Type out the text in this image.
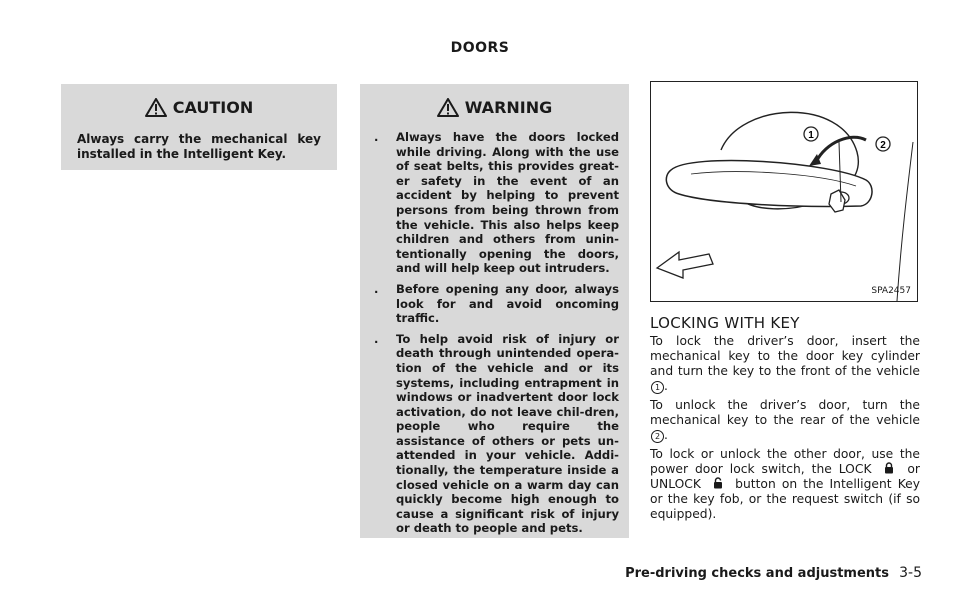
DOORS
CAUTION
Always carry the mechanical key installed in the Intelligent Key.
WARNING
.	Always have the doors locked while driving. Along with the use of seat belts, this provides great-er safety in the event of an accident by helping to prevent persons from being thrown from the vehicle. This also helps keep children and others from unin-tentionally opening the doors, and will help keep out intruders.
.	Before opening any door, always look for and avoid oncoming traffic.
.	To help avoid risk of injury or death through unintended opera-tion of the vehicle and or its systems, including entrapment in windows or inadvertent door lock activation, do not leave chil-dren, people who require the assistance of others or pets un-attended in your vehicle. Addi-tionally, the temperature inside a closed vehicle on a warm day can quickly become high enough to cause a significant risk of injury or death to people and pets.
1
2
SPA2457
LOCKING WITH KEY

To lock the driver’s door, insert the mechanical key to the door key cylinder and turn the key to the front of the vehicle 1 .

To unlock the driver’s door, turn the mechanical key to the rear of the vehicle 2 .

To lock or unlock the other door, use the power door lock switch, the LOCK	or UNLOCK	button on the Intelligent Key or the key fob, or the request switch (if so equipped).

Pre-driving checks and adjustments 3-5
